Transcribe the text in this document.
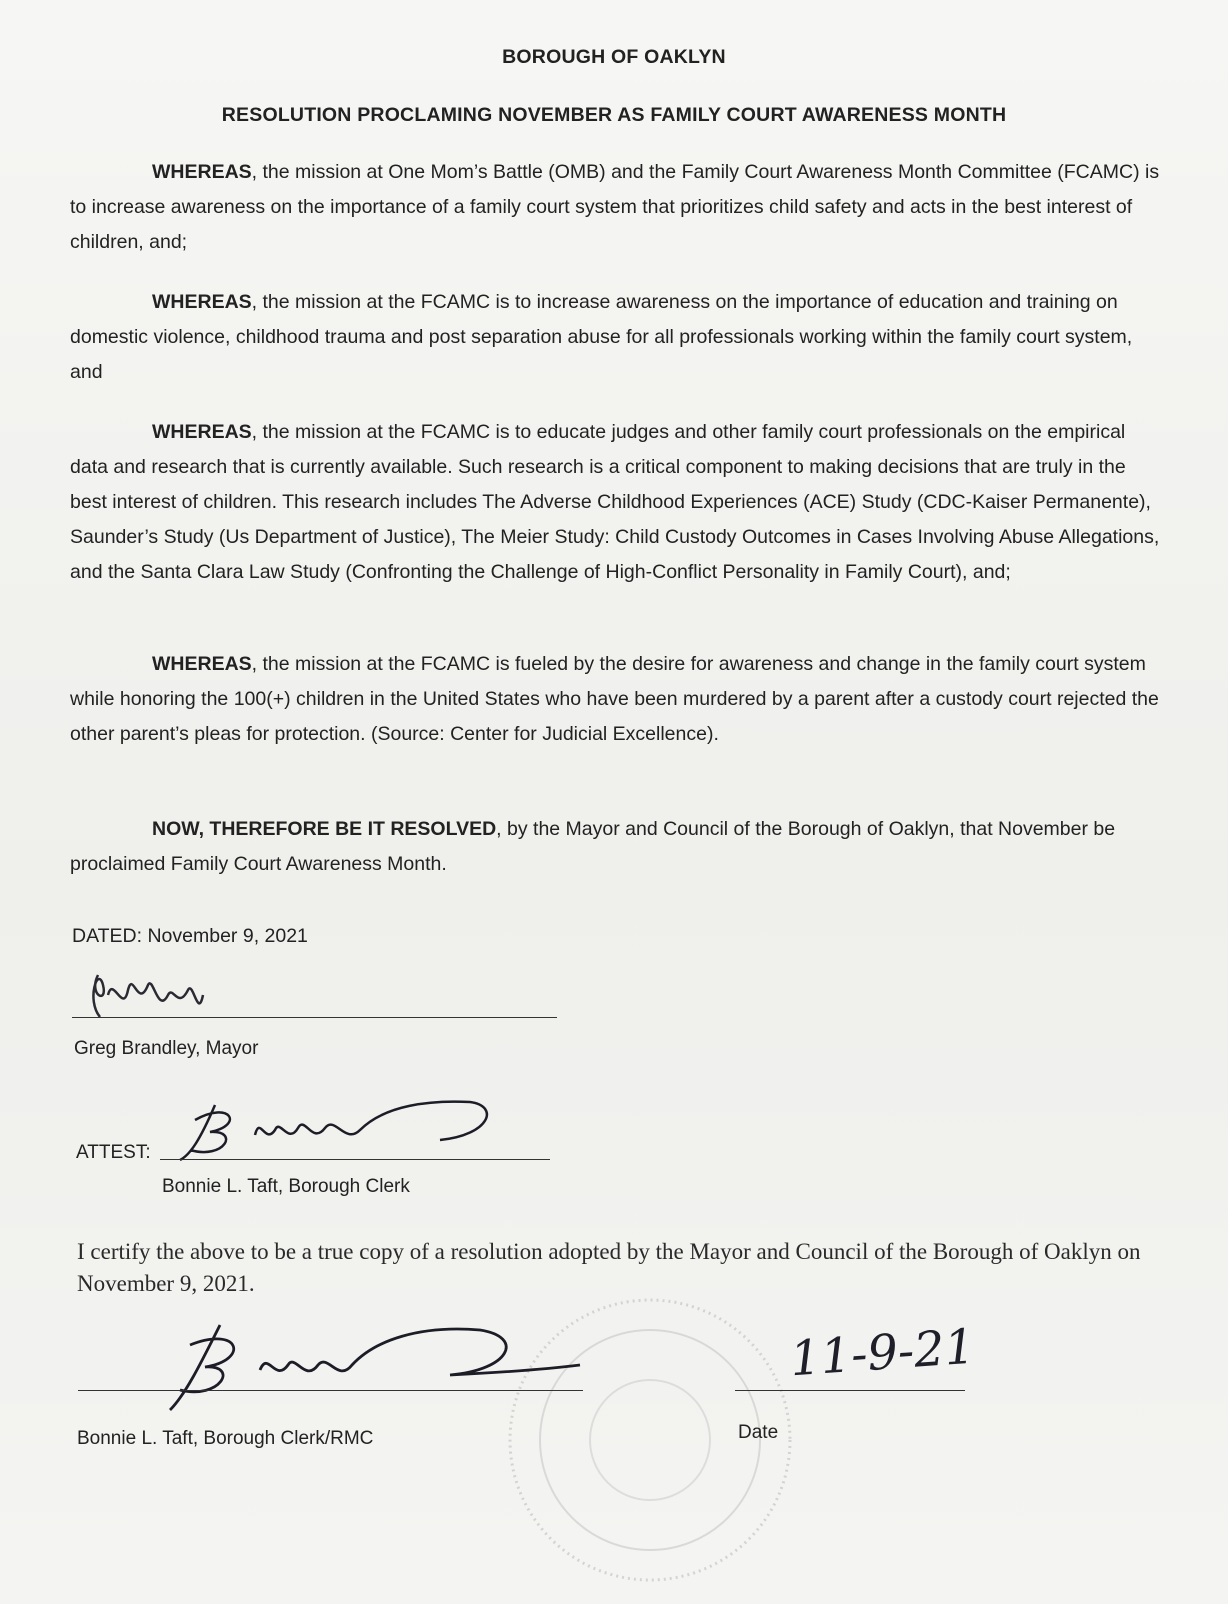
BOROUGH OF OAKLYN
RESOLUTION PROCLAMING NOVEMBER AS FAMILY COURT AWARENESS MONTH
WHEREAS, the mission at One Mom’s Battle (OMB) and the Family Court Awareness Month Committee (FCAMC) is to increase awareness on the importance of a family court system that prioritizes child safety and acts in the best interest of children, and;
WHEREAS, the mission at the FCAMC is to increase awareness on the importance of education and training on domestic violence, childhood trauma and post separation abuse for all professionals working within the family court system, and
WHEREAS, the mission at the FCAMC is to educate judges and other family court professionals on the empirical data and research that is currently available. Such research is a critical component to making decisions that are truly in the best interest of children. This research includes The Adverse Childhood Experiences (ACE) Study (CDC-Kaiser Permanente), Saunder’s Study (Us Department of Justice), The Meier Study: Child Custody Outcomes in Cases Involving Abuse Allegations, and the Santa Clara Law Study (Confronting the Challenge of High-Conflict Personality in Family Court), and;
WHEREAS, the mission at the FCAMC is fueled by the desire for awareness and change in the family court system while honoring the 100(+) children in the United States who have been murdered by a parent after a custody court rejected the other parent’s pleas for protection. (Source: Center for Judicial Excellence).
NOW, THEREFORE BE IT RESOLVED, by the Mayor and Council of the Borough of Oaklyn, that November be proclaimed Family Court Awareness Month.
DATED: November 9, 2021
Greg Brandley, Mayor
ATTEST:
Bonnie L. Taft, Borough Clerk
I certify the above to be a true copy of a resolution adopted by the Mayor and Council of the Borough of Oaklyn on November 9, 2021.
Bonnie L. Taft, Borough Clerk/RMC
11-9-21
Date
